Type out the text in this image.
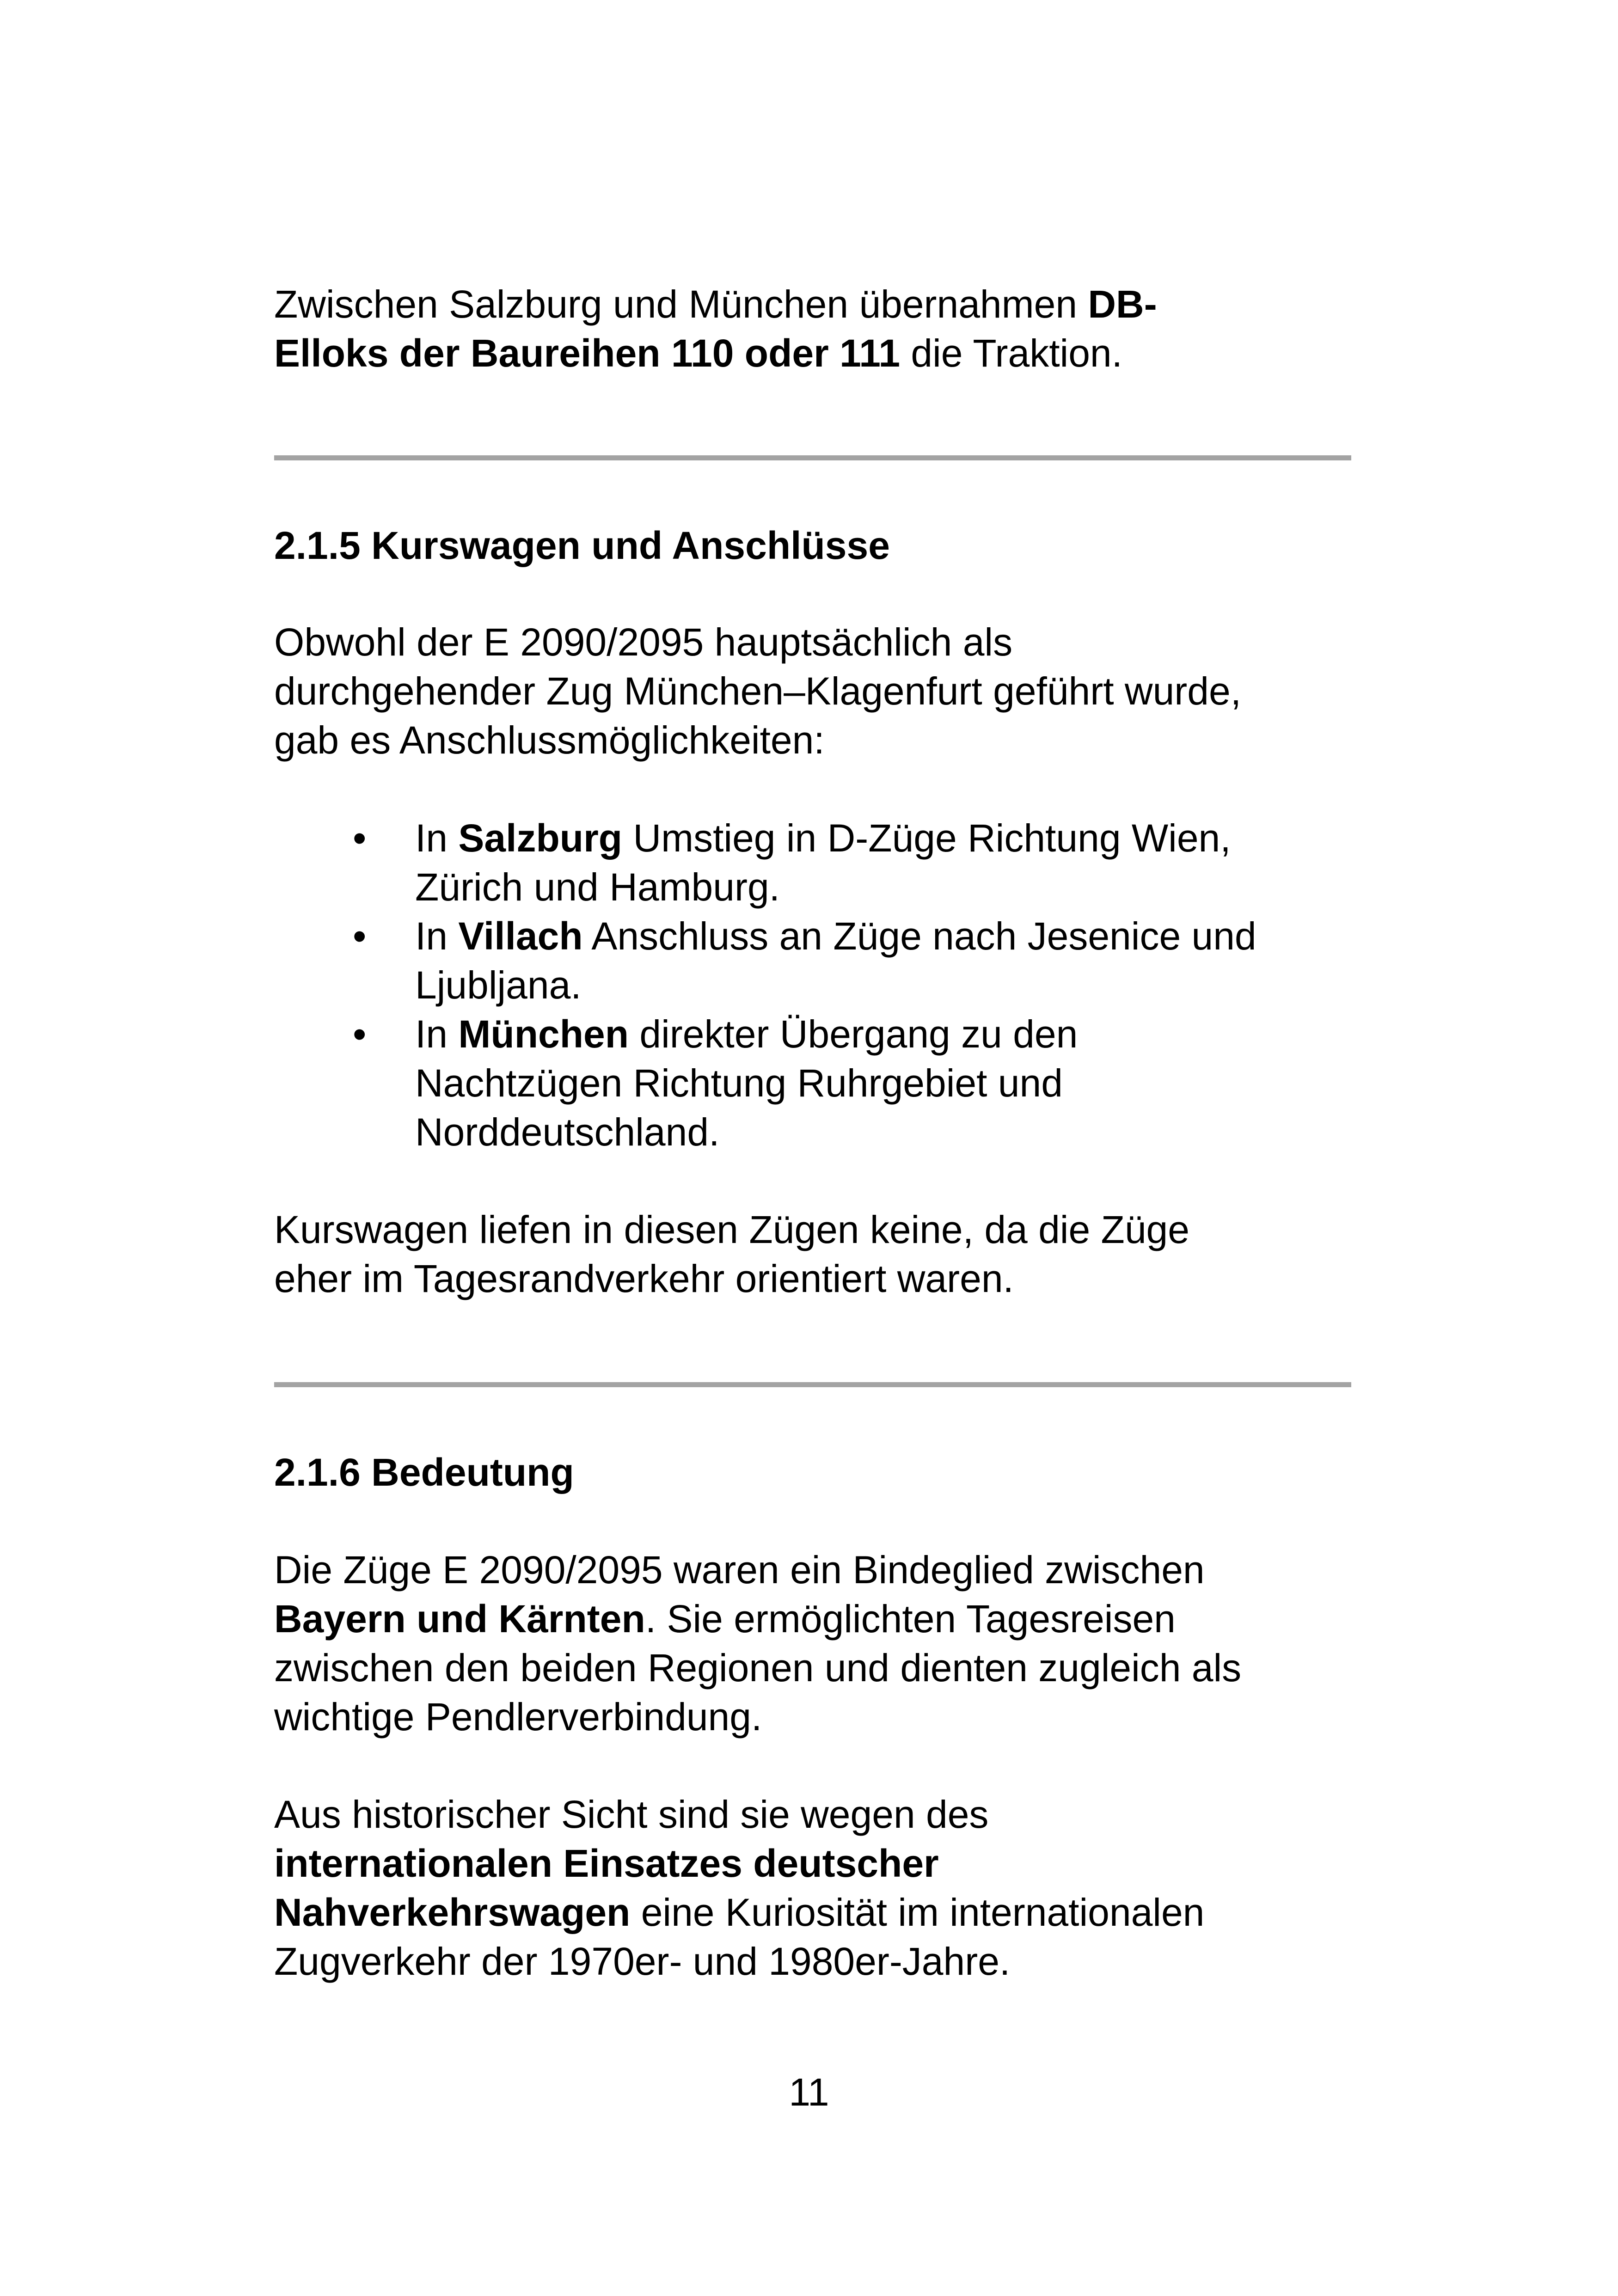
Zwischen Salzburg und München übernahmen DB-

Elloks der Baureihen 110 oder 111 die Traktion.

2.1.5 Kurswagen und Anschlüsse

Obwohl der E 2090/2095 hauptsächlich als

durchgehender Zug München–Klagenfurt geführt wurde,

gab es Anschlussmöglichkeiten:

• In Salzburg Umstieg in D-Züge Richtung Wien,
Zürich und Hamburg.
• In Villach Anschluss an Züge nach Jesenice und
Ljubljana.
• In München direkter Übergang zu den
Nachtzügen Richtung Ruhrgebiet und
Norddeutschland.

Kurswagen liefen in diesen Zügen keine, da die Züge

eher im Tagesrandverkehr orientiert waren.

2.1.6 Bedeutung

Die Züge E 2090/2095 waren ein Bindeglied zwischen

Bayern und Kärnten. Sie ermöglichten Tagesreisen

zwischen den beiden Regionen und dienten zugleich als

wichtige Pendlerverbindung.

Aus historischer Sicht sind sie wegen des

internationalen Einsatzes deutscher

Nahverkehrswagen eine Kuriosität im internationalen

Zugverkehr der 1970er- und 1980er-Jahre.

11
